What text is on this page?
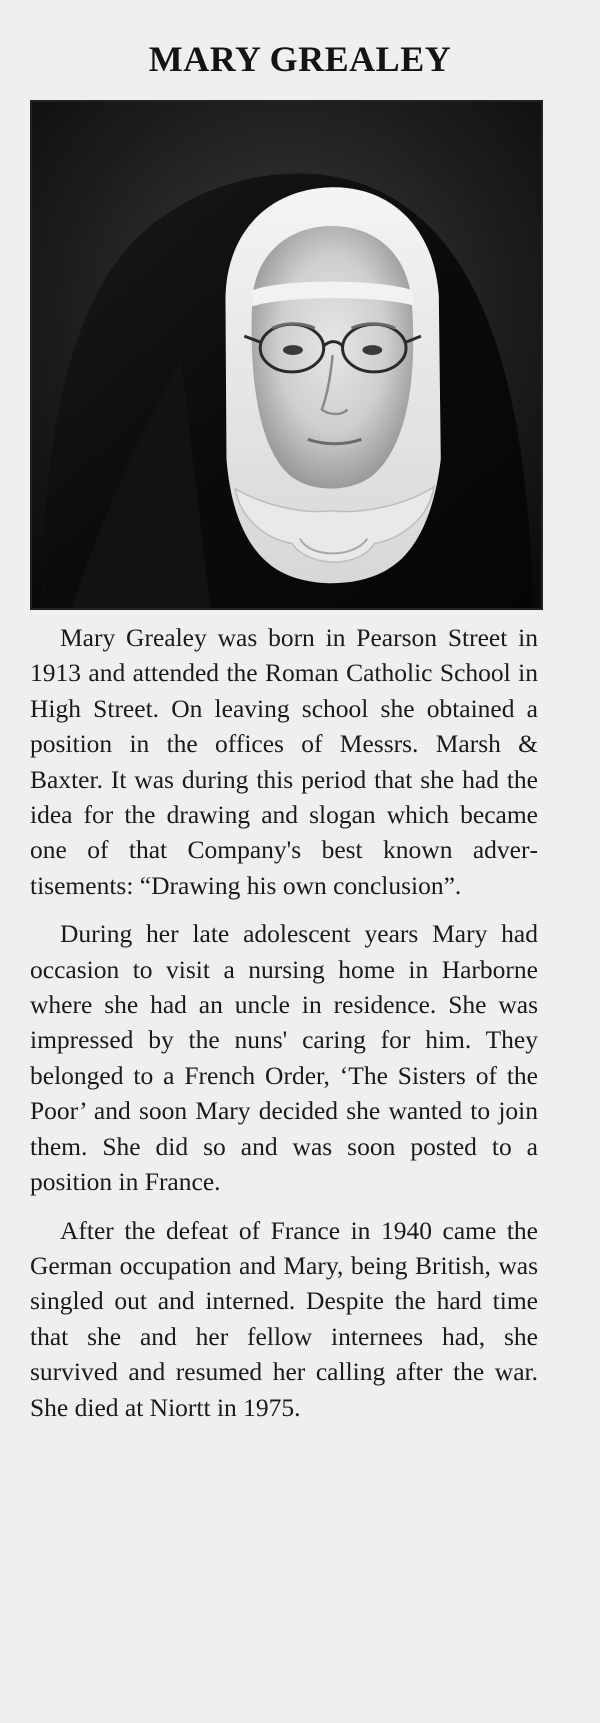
MARY GREALEY

Mary Grealey was born in Pearson Street in 1913 and attended the Roman Catholic School in High Street. On leaving school she obtained a position in the offices of Messrs. Marsh & Baxter. It was during this period that she had the idea for the drawing and slogan which became one of that Company's best known advertisements: “Drawing his own conclusion”.

During her late adolescent years Mary had occasion to visit a nursing home in Harborne where she had an uncle in residence. She was impressed by the nuns' caring for him. They belonged to a French Order, ‘The Sisters of the Poor’ and soon Mary decided she wanted to join them. She did so and was soon posted to a position in France.

After the defeat of France in 1940 came the German occupation and Mary, being British, was singled out and interned. Despite the hard time that she and her fellow internees had, she survived and resumed her calling after the war. She died at Niortt in 1975.
